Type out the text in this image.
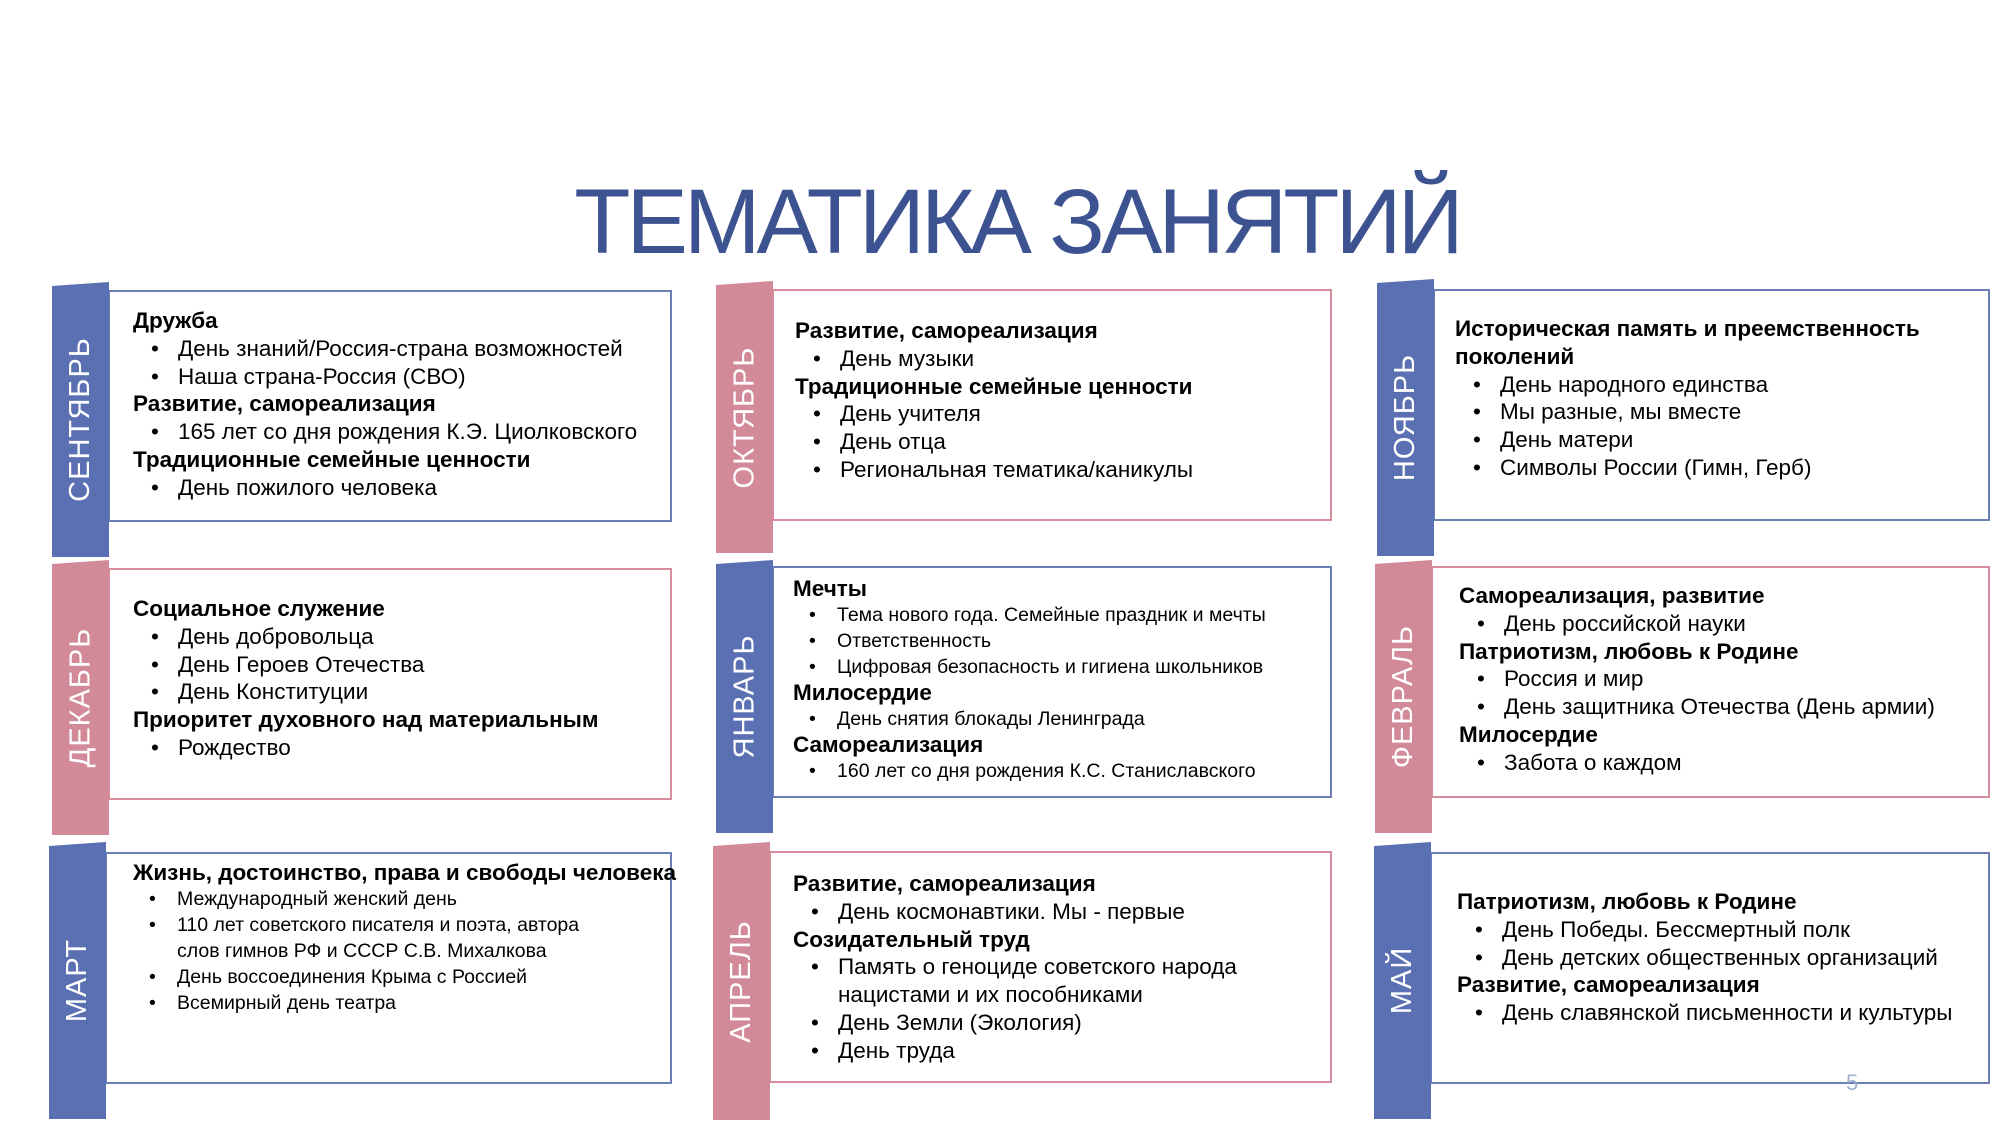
ТЕМАТИКА ЗАНЯТИЙ
СЕНТЯБРЬ
Дружба
• День знаний/Россия-страна возможностей
• Наша страна-Россия (СВО)
Развитие, самореализация
• 165 лет со дня рождения К.Э. Циолковского
Традиционные семейные ценности
• День пожилого человека	ОКТЯБРЬ
Развитие, самореализация
• День музыки
Традиционные семейные ценности
• День учителя
• День отца
• Региональная тематика/каникулы	НОЯБРЬ
Историческая память и преемственность
поколений
• День народного единства
• Мы разные, мы вместе
• День матери
• Символы России (Гимн, Герб)
ДЕКАБРЬ
Социальное служение
• День добровольца
• День Героев Отечества
• День Конституции
Приоритет духовного над материальным
• Рождество	ЯНВАРЬ
Мечты
• Тема нового года. Семейные праздник и мечты
• Ответственность
• Цифровая безопасность и гигиена школьников
Милосердие
• День снятия блокады Ленинграда
Самореализация
• 160 лет со дня рождения К.С. Станиславского
ФЕВРАЛЬ
Самореализация, развитие
• День российской науки
Патриотизм, любовь к Родине
• Россия и мир
• День защитника Отечества (День армии)
Милосердие
• Забота о каждом
МАРТ
Жизнь, достоинство, права и свободы человека
• Международный женский день
• 110 лет советского писателя и поэта, автора
слов гимнов РФ и СССР С.В. Михалкова
• День воссоединения Крыма с Россией
• Всемирный день театра	АПРЕЛЬ
Развитие, самореализация
• День космонавтики. Мы - первые
Созидательный труд
• Память о геноциде советского народа
нацистами и их пособниками
• День Земли (Экология)
• День труда
МАЙ
Патриотизм, любовь к Родине
• День Победы. Бессмертный полк
• День детских общественных организаций
Развитие, самореализация
• День славянской письменности и культуры
5
